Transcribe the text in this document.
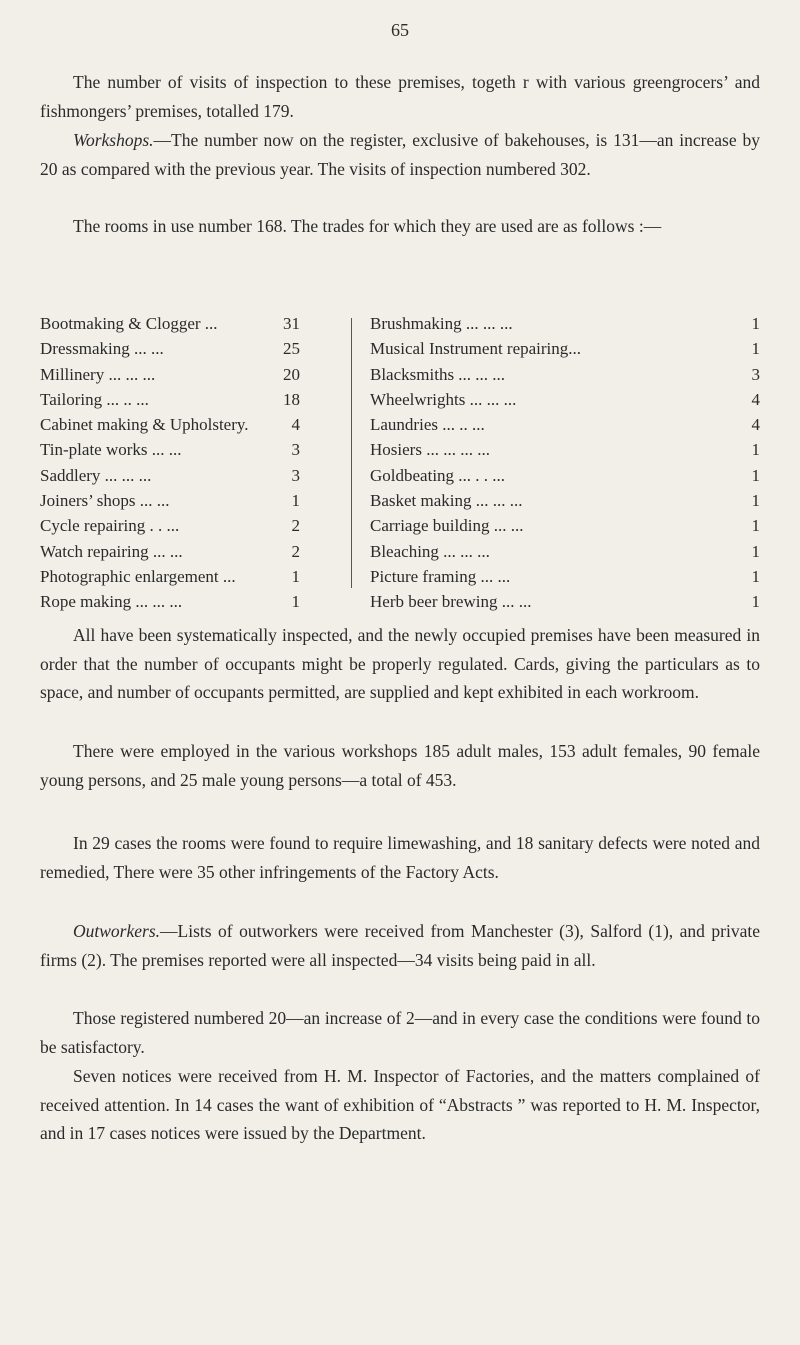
65

The number of visits of inspection to these premises, togeth r with various greengrocers’ and fishmongers’ premises, totalled 179.

Workshops.—The number now on the register, exclusive of bakehouses, is 131—an increase by 20 as compared with the previous year. The visits of inspection numbered 302.

The rooms in use number 168. The trades for which they are used are as follows :—

Bootmaking & Clogger ...	31
Dressmaking ... ...	25
Millinery ... ... ...	20
Tailoring ... .. ...	18
Cabinet making & Upholstery.	4
Tin-plate works ... ...	3
Saddlery ... ... ...	3
Joiners’ shops ... ...	1
Cycle repairing . . ...	2
Watch repairing ... ...	2
Photographic enlargement ...	1
Rope making ... ... ...	1
Brushmaking ... ... ...	1
Musical Instrument repairing...	1
Blacksmiths ... ... ...	3
Wheelwrights ... ... ...	4
Laundries ... .. ...	4
Hosiers ... ... ... ...	1
Goldbeating ... . . ...	1
Basket making ... ... ...	1
Carriage building ... ...	1
Bleaching ... ... ...	1
Picture framing ... ...	1
Herb beer brewing ... ...	1

All have been systematically inspected, and the newly occupied premises have been measured in order that the number of occupants might be properly regulated. Cards, giving the particulars as to space, and number of occupants permitted, are supplied and kept exhibited in each workroom.

There were employed in the various workshops 185 adult males, 153 adult females, 90 female young persons, and 25 male young persons—a total of 453.

In 29 cases the rooms were found to require limewashing, and 18 sanitary defects were noted and remedied, There were 35 other infringements of the Factory Acts.

Outworkers.—Lists of outworkers were received from Manchester (3), Salford (1), and private firms (2). The premises reported were all inspected—34 visits being paid in all.

Those registered numbered 20—an increase of 2—and in every case the conditions were found to be satisfactory.

Seven notices were received from H. M. Inspector of Factories, and the matters complained of received attention. In 14 cases the want of exhibition of “Abstracts ” was reported to H. M. Inspector, and in 17 cases notices were issued by the Department.
